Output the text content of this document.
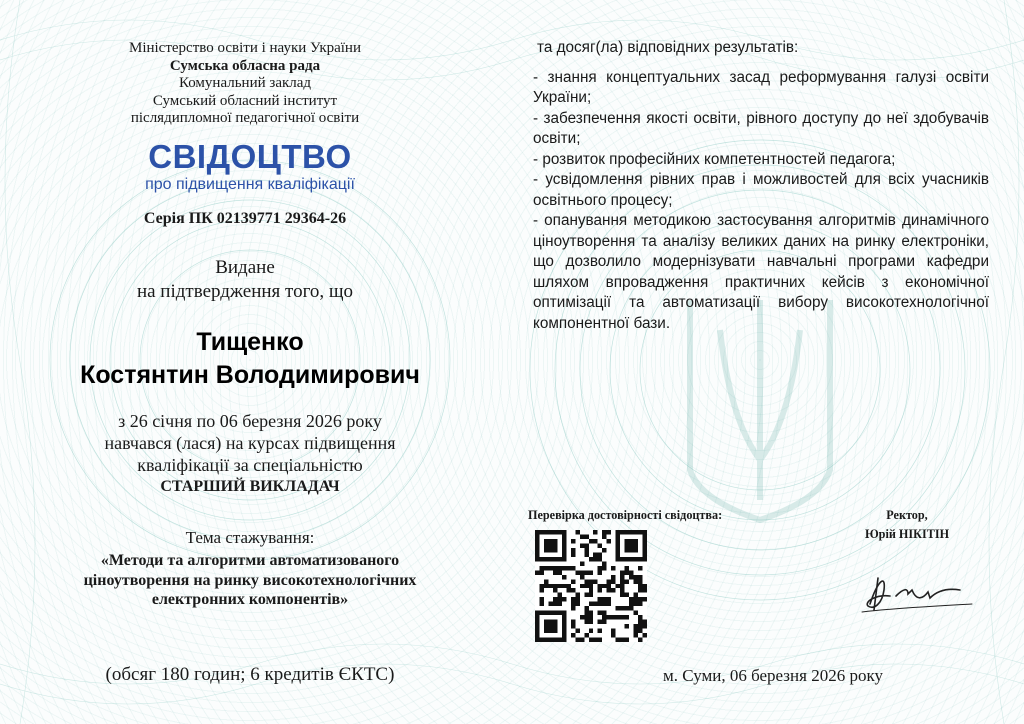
Міністерство освіти і науки України
Сумська обласна рада
Комунальний заклад
Сумський обласний інститут
післядипломної педагогічної освіти
СВІДОЦТВО
про підвищення кваліфікації
Серія ПК 02139771 29364-26
Видане
на підтвердження того, що
Тищенко
Костянтин Володимирович
з 26 січня по 06 березня 2026 року
навчався (лася) на курсах підвищення
кваліфікації за спеціальністю
СТАРШИЙ ВИКЛАДАЧ
Тема стажування:
«Методи та алгоритми автоматизованого
ціноутворення на ринку високотехнологічних
електронних компонентів»
(обсяг 180 годин; 6 кредитів ЄКТС)
та досяг(ла) відповідних результатів:
- знання концептуальних засад реформування галузі освіти України;
- забезпечення якості освіти, рівного доступу до неї здобувачів освіти;
- розвиток професійних компетентностей педагога;
- усвідомлення рівних прав і можливостей для всіх учасників освітнього процесу;
- опанування методикою застосування алгоритмів динамічного ціноутворення та аналізу великих даних на ринку електроніки, що дозволило модернізувати навчальні програми кафедри шляхом впровадження практичних кейсів з економічної оптимізації та автоматизації вибору високотехнологічної компонентної бази.
Перевірка достовірності свідоцтва:	Ректор,
Юрій НІКІТІН
м. Суми, 06 березня 2026 року
